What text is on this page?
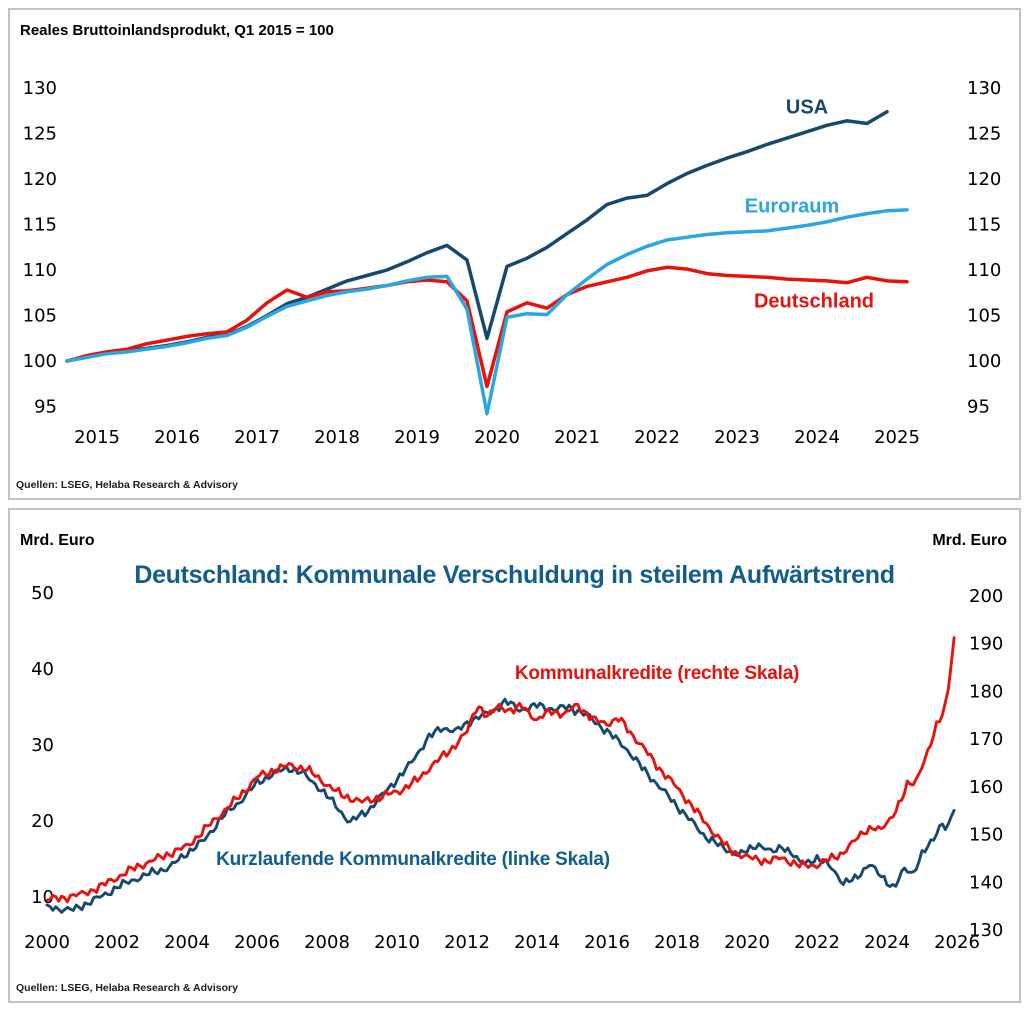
Reales Bruttoinlandsprodukt, Q1 2015 = 100
130	130
125	125
120	120
115	115
110	110
105	105
100	100
95	95
2015 2016 2017 2018 2019 2020 2021 2022 2023 2024 2025
USA
Euroraum
Deutschland
Quellen: LSEG, Helaba Research & Advisory
Mrd. Euro	Mrd. Euro
Deutschland: Kommunale Verschuldung in steilem Aufwärtstrend
50
40
30
20
10
200
190
180
170
160
150
140
130
2000 2002 2004 2006 2008 2010 2012 2014 2016 2018 2020 2022 2024 2026
Kurzlaufende Kommunalkredite (linke Skala)
Kommunalkredite (rechte Skala)
Quellen: LSEG, Helaba Research & Advisory
